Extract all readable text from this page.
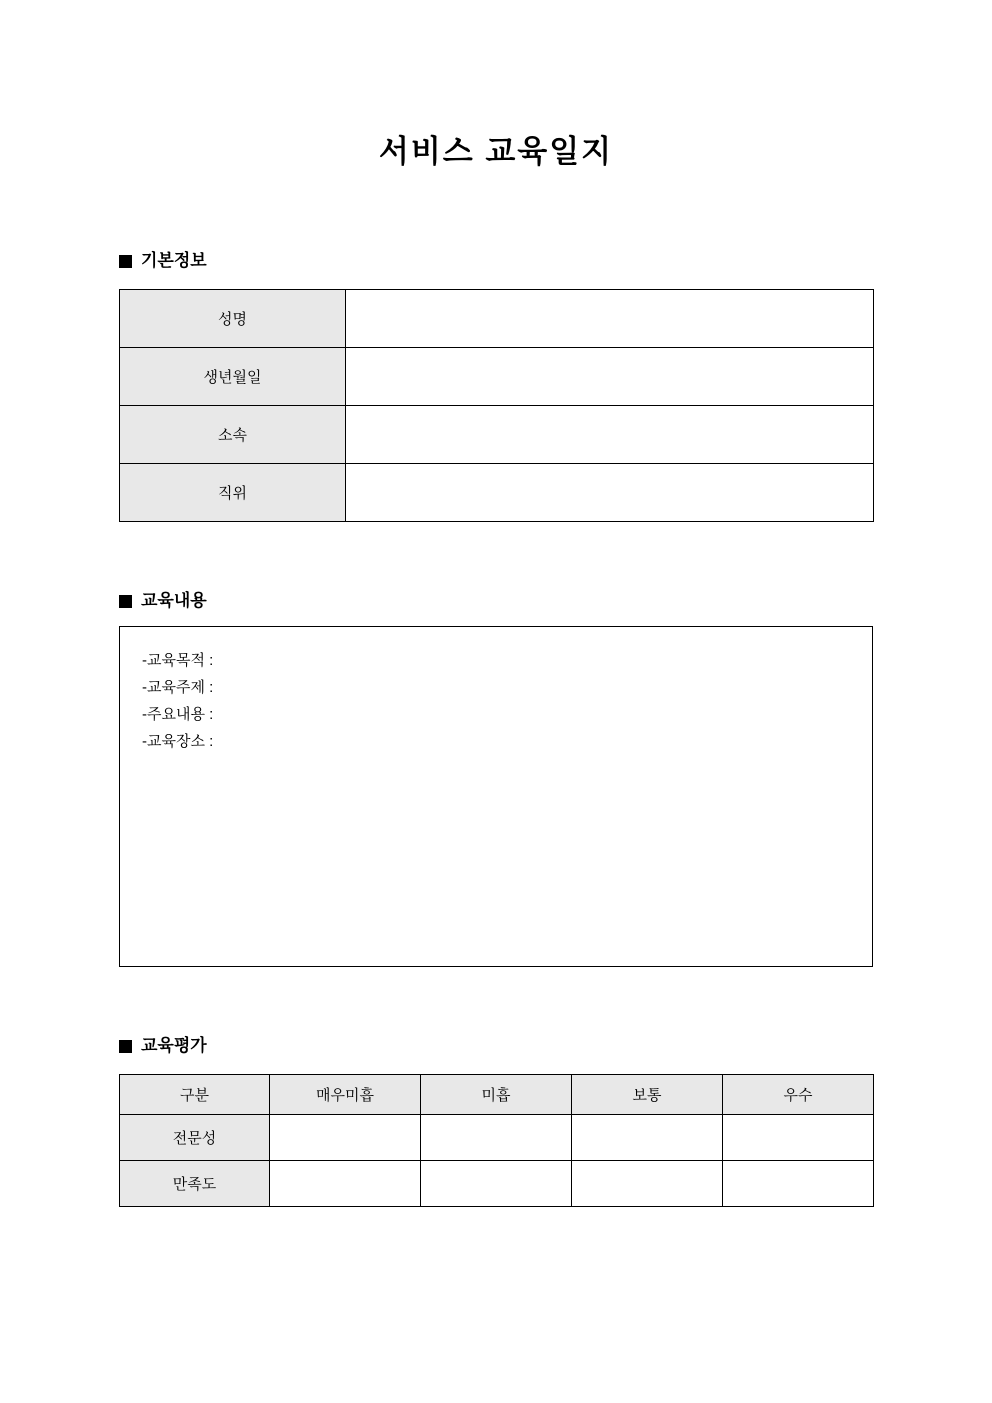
서비스 교육일지
기본정보
성명	
생년월일	
소속	
직위	
교육내용
-교육목적 :
-교육주제 :
-주요내용 :
-교육장소 :
교육평가
구분	매우미흡	미흡	보통	우수
전문성				
만족도				
